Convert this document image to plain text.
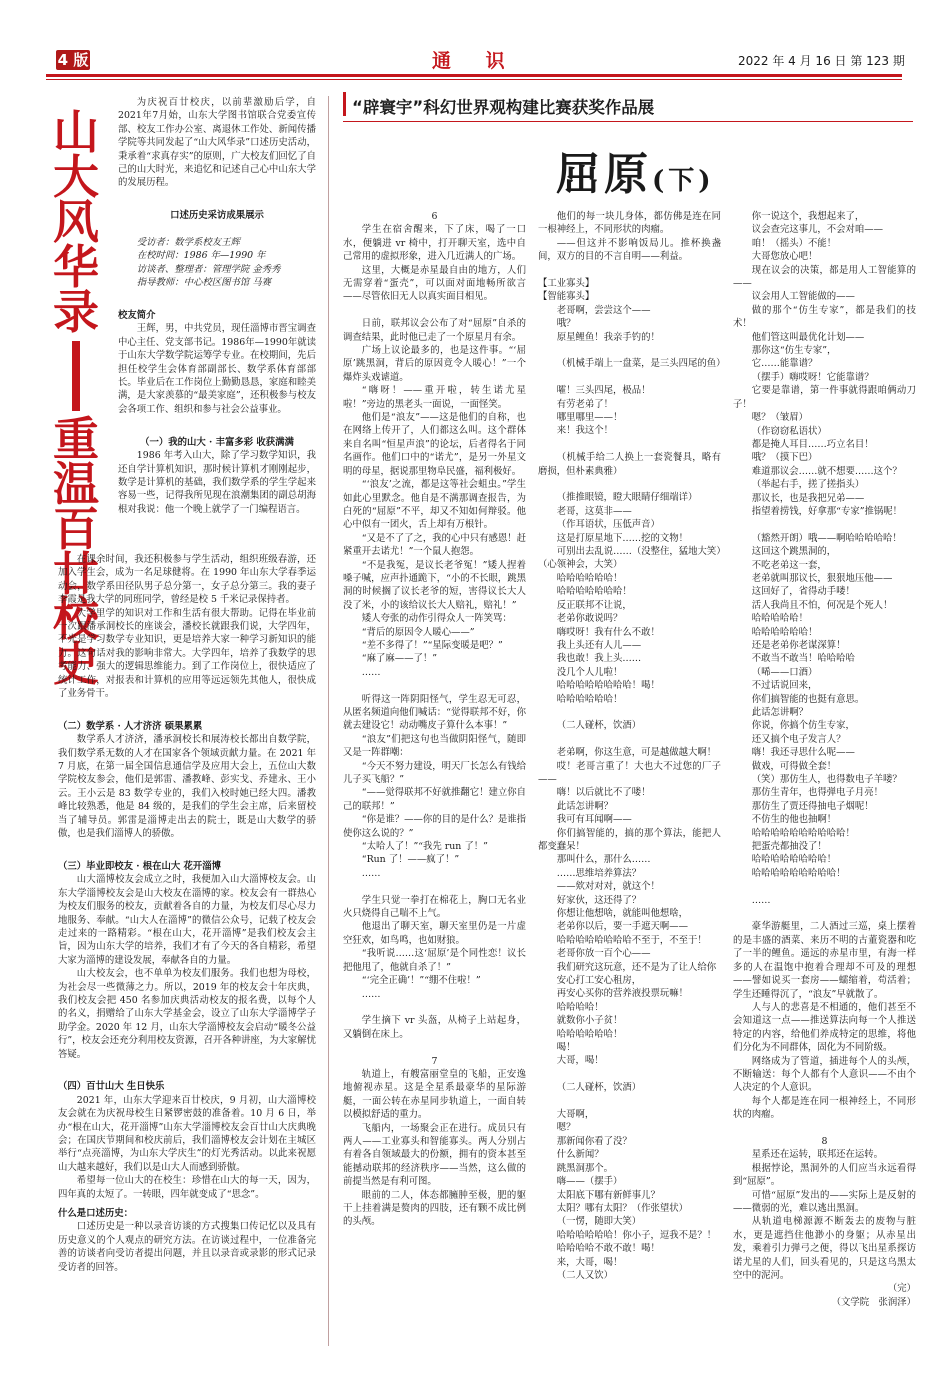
4 版	通 识	2022 年 4 月 16 日 第 123 期
山
大
风
华
录
重
温
百
廿
校
史

为庆祝百廿校庆，以前辈激励后学，自2021年7月始，山东大学图书馆联合党委宣传部、校友工作办公室、离退休工作处、新闻传播学院等共同发起了“山大风华录”口述历史活动，秉承着“求真存实”的原则，广大校友们回忆了自己的山大时光，来追忆和记述自己心中山东大学的发展历程。

口述历史采访成果展示

受访者：数学系校友王辉

在校时间：1986 年—1990 年

访谈者、整理者：管理学院 金秀秀

指导教师：中心校区图书馆 马赛

校友简介

王辉，男，中共党员，现任淄博市晋宝调查中心主任、党支部书记。1986年—1990年就读于山东大学数学院运筹学专业。在校期间，先后担任校学生会体育部副部长、数学系体育部部长。毕业后在工作岗位上勤勤恳恳，家庭和睦美满，是大家羡慕的“最美家庭”，还积极参与校友会各项工作、组织和参与社会公益事业。

（一）我的山大 · 丰富多彩 收获满满

1986 年考入山大，除了学习数学知识，我还自学计算机知识，那时候计算机才刚刚起步，数学是计算机的基础，我们数学系的学生学起来容易一些，记得我所见现在浪潮集团的副总胡海根对我说：他一个晚上就学了一门编程语言。

在课余时间，我还积极参与学生活动，组织班级春游，还加入学生会，成为一名足球健将。在 1990 年山东大学春季运动会，数学系田径队男子总分第一，女子总分第三。我的妻子李霞是我大学的同班同学，曾经是校 5 千米记录保持者。

大学里学的知识对工作和生活有很大帮助。记得在毕业前一次跟潘承洞校长的座谈会，潘校长就跟我们说，大学四年，不光是学习数学专业知识，更是培养大家一种学习新知识的能力。这句话对我的影响非常大。大学四年，培养了我数学的思考能力、强大的逻辑思维能力。到了工作岗位上，很快适应了统计工作，对报表和计算机的应用等远远领先其他人，很快成了业务骨干。

（二）数学系 · 人才济济 硕果累累

数学系人才济济，潘承洞校长和展涛校长都出自数学院，我们数学系无数的人才在国家各个领域贡献力量。在 2021 年 7 月底，在第一届全国信息通信学及应用大会上，五位山大数学院校友参会，他们是郭雷、潘教峰、彭实戈、乔建永、王小云。王小云是 83 数学专业的，我们入校时她已经大四。潘教峰比较熟悉，他是 84 级的，是我们的学生会主席，后来留校当了辅导员。郭雷是淄博走出去的院士，既是山大数学的骄傲，也是我们淄博人的骄傲。

（三）毕业即校友 · 根在山大 花开淄博

山大淄博校友会成立之时，我便加入山大淄博校友会。山东大学淄博校友会是山大校友在淄博的家。校友会有一群热心为校友们服务的校友，贡献着各自的力量，为校友们尽心尽力地服务、奉献。“山大人在淄博”的微信公众号，记载了校友会走过来的一路精彩。“根在山大，花开淄博”是我们校友会主旨，因为山东大学的培养，我们才有了今天的各自精彩，希望大家为淄博的建设发展，奉献各自的力量。

山大校友会，也不单单为校友们服务。我们也想为母校，为社会尽一些微薄之力。所以，2019 年的校友会十年庆典，我们校友会把 450 名参加庆典活动校友的报名费，以每个人的名义，捐赠给了山东大学基金会，设立了山东大学淄博学子助学金。2020 年 12 月，山东大学淄博校友会启动“暖冬公益行”，校友会还充分利用校友资源，召开各种讲座，为大家解忧答疑。

（四）百廿山大 生日快乐

2021 年，山东大学迎来百廿校庆，9 月初，山大淄博校友会就在为庆祝母校生日紧锣密鼓的准备着。10 月 6 日，举办“根在山大，花开淄博”山东大学淄博校友会百廿山大庆典晚会；在国庆节期间和校庆前后，我们淄博校友会计划在主城区举行“点亮淄博，为山东大学庆生”的灯光秀活动。以此来祝愿山大越来越好，我们以是山大人而感到骄傲。

希望每一位山大的在校生：珍惜在山大的每一天，因为，四年真的太短了。一转眼，四年就变成了“思念”。

什么是口述历史：

口述历史是一种以录音访谈的方式搜集口传记忆以及具有历史意义的个人观点的研究方法。在访谈过程中，一位准备完善的访谈者向受访者提出问题，并且以录音或录影的形式记录受访者的回答。

“辟寰宇”科幻世界观构建比赛获奖作品展
屈原(下)

6

学生在宿舍醒来，下了床，喝了一口水，便躺进 vr 椅中，打开聊天室，选中自己常用的虚拟形象，进入几近满人的广场。

这里，大概是赤星最自由的地方，人们无需穿着“蛋壳”，可以面对面地畅所欲言——尽管依旧无人以真实面目相见。

日前，联邦议会公布了对“屈原”自杀的调查结果，此时他已走了一个原星月有余。

广场上议论最多的，也是这件事。“‘屈原’跳黑洞，背后的原因竟令人暖心！”一个爆炸头戏谑道。

“嗨呀！——重开啦，转生诺尤星啦！”旁边的黑老头一面说，一面怪笑。

他们是“浪友”——这是他们的自称，也在网络上传开了，人们都这么叫。这个群体来自名叫“恒星声浪”的论坛，后者得名于同名画作。他们口中的“诺尤”，是另一外星文明的母星，据说那里物阜民盛，福利极好。

“‘浪友’之流，都是这等社会蛆虫。”学生如此心里默念。他自是不满那调查报告，为白死的“屈原”不平，却又不知如何辩驳。他心中似有一团火，舌上却有万根针。

“又是不了了之，我的心中只有感恩！赶紧重开去诺尤！”一个鼠人抱怨。

“不是我冤，是议长老爷冤！”矮人捏着嗓子喊，应声扑通跪下，“小的不长眼，跳黑洞的时候搁了议长老爷的短，害得议长大人没了米，小的该给议长大人赔礼，赔礼！”

矮人夸张的动作引得众人一阵笑骂：

“背后的原因令人暖心——”

“差不多得了！”“星际变暖是吧？”

“麻了麻——了！”

……

听得这一阵阴阳怪气，学生忍无可忍，从匿名频道向他们喊话：“觉得联邦不好，你就去建设它！动动嘴皮子算什么本事！”

“浪友”们把这句也当做阴阳怪气，随即又是一阵群嘲：

“今天不努力建设，明天厂长怎么有钱给儿子买飞船？”

“——觉得联邦不好就推翻它！建立你自己的联邦！”

“你是谁？——你的目的是什么？是谁指使你这么说的？”

“太哈人了！”“我先 run 了！”

“Run 了！——疯了！”

……

学生只觉一拳打在棉花上，胸口无名业火只烧得自己喘不上气。

他退出了聊天室，聊天室里仍是一片虚空狂欢，如鸟鸣，也如财狼。

“我听说……这‘屈原’是个同性恋！议长把他甩了，他就自杀了！”

“‘完全正确’！”“绷不住啦！”

……

学生摘下 vr 头盔，从椅子上站起身，又躺倒在床上。

7

轨道上，有艘富丽堂皇的飞船，正安逸地俯视赤星。这是全星系最豪华的星际游艇，一面公转在赤星同步轨道上，一面自转以模拟舒适的重力。

飞船内，一场聚会正在进行。成员只有两人——工业寡头和智能寡头。两人分别占有着各自领域最大的份额，拥有的资本甚至能撼动联邦的经济秩序——当然，这么做的前提当然是有利可图。

眼前的二人，体态都臃肿至极，肥的躯干上挂着满是赘肉的四肢，还有颗不成比例的头颅。

他们的每一块儿身体，都仿佛是连在同一根神经上，不同形状的肉瘤。

——但这并不影响饭局儿。推杯换盏间，双方的目的不言自明——利益。

【工业寡头】

【智能寡头】

老哥啊，尝尝这个——

哦？

原星鲤鱼！我亲手钓的！

（机械手端上一盘菜，是三头四尾的鱼）

嚯！三头四尾，极品！

有劳老弟了！

哪里哪里——！

来！我这个！

（机械手给二人换上一套瓷餐具，略有磨损，但朴素典雅）

（推推眼镜，瞪大眼睛仔细端详）

老哥，这莫非——

（作耳语状，压低声音）

这是打原星地下……挖的文物！

可别出去乱说……（没整住，猛地大笑）（心领神会，大笑）

哈哈哈哈哈哈！

哈哈哈哈哈哈哈！

反正联邦不让说，

老弟你敢说吗？

嗨哎呀！我有什么不敢！

我上头还有人儿——

我也敢！我上头……

没几个人儿啦！

哈哈哈哈哈哈哈哈！喝！

哈哈哈哈哈哈！

（二人碰杯，饮酒）

老弟啊，你这生意，可是越做越大啊！

哎！老哥言重了！大也大不过您的厂子——

嗨！以后就比不了喽！

此话怎讲啊？

我可有耳闻啊——

你们搞智能的，搞的那个算法，能把人都变蠢呆！

那叫什么，那什么……

……思维培养算法？

——欸对对对，就这个！

好家伙，这还得了？

你想让他想啥，就能叫他想啥，

老弟你以后，要一手遮天啊——

哈哈哈哈哈哈哈哈不至于，不至于！

老哥你放一百个心——

我们研究这玩意，还不是为了让人给你

安心打工安心租房，

再安心买你的营养液投票玩嘛！

哈哈哈哈！

就数你小子贫！

哈哈哈哈哈哈！

喝！

大哥，喝！

（二人碰杯，饮酒）

大哥啊，

嗯？

那新闻你看了没？

什么新闻？

跳黑洞那个。

嗨——（摆手）

太阳底下哪有新鲜事儿？

太阳？哪有太阳？（作张望状）

（一愣，随即大笑）

哈哈哈哈哈哈！你小子，逗我不是？！

哈哈哈哈不敢不敢！喝！

来，大哥，喝！

（二人又饮）

你一说这个，我想起来了，

议会查完这事儿，不会对咱——

咱！（摇头）不能！

大哥您放心吧！

现在议会的决策，都是用人工智能算的——

议会用人工智能做的——

做的那个“仿生专家”，都是我们的技术！

他们管这叫最优化计划——

那你这“仿生专家”，

它……能靠谱？

（摆手）嗨哎呀！它能靠谱？

它要是靠谱，第一件事就得跟咱俩动刀子！

嗯？（皱眉）

（作窃窃私语状）

都是掩人耳目……巧立名目！

哦？（摸下巴）

难道那议会……就不想要……这个？

（举起右手，搓了搓指头）

那议长，也是我把兄弟——

指望着捞钱，好拿那“专家”推锅呢！

（豁然开朗）哦——啊哈哈哈哈哈！

这回这个跳黑洞的，

不吃老弟这一套，

老弟就叫那议长，狠狠地压他——

这回好了，省得动手喽！

活人我尚且不怕，何况是个死人！

哈哈哈哈哈！

哈哈哈哈哈哈！

还是老弟你老谋深算！

不敢当不敢当！哈哈哈哈

（唏——口酒）

不过话说回来，

你们搞智能的也挺有意思。

此话怎讲啊？

你说，你搞个仿生专家，

还又搞个电子发言人？

嗨！我还寻思什么呢——

做戏，可得做全套！

（笑）那仿生人，也得数电子羊喽？

那仿生青年，也得弹电子月亮！

那仿生了贾还得抽电子烟呢！

不仿生的他也抽啊！

哈哈哈哈哈哈哈哈哈哈！

把蛋壳都抽没了！

哈哈哈哈哈哈哈哈！

哈哈哈哈哈哈哈哈哈！

……

豪华游艇里，二人酒过三巡，桌上摆着的是丰盛的酒菜、来历不明的古董瓷器和吃了一半的鲤鱼。遥远的赤星市里，有海一样多的人在温饱中抱着合理却不可及的理想——譬如说买一套房——蠕缩着，苟活着；学生还睡得沉了，“浪友”早就散了。

人与人的悲喜是不相通的，他们甚至不会知道这一点——推送算法向每一个人推送特定的内容，给他们养成特定的思维，将他们分化为不同群体，固化为不同阶级。

网络成为了管道，插进每个人的头颅，不断输送：每个人都有个人意识——不由个人决定的个人意识。

每个人都是连在同一根神经上，不同形状的肉瘤。

8

星系还在运转，联邦还在运转。

根据悖论，黑洞外的人们应当永远看得到“屈原”。

可惜“屈原”发出的——实际上是反射的——微弱的光，难以逃出黑洞。

从轨道电梯源源不断轰去的废物与脏水，更是遮挡住他渺小的身躯；从赤星出发，乘着引力弹弓之便，得以飞出星系探访诺尤星的人们，回头看见的，只是这乌黑太空中的泥河。

（完）

（文学院　张润泽）
